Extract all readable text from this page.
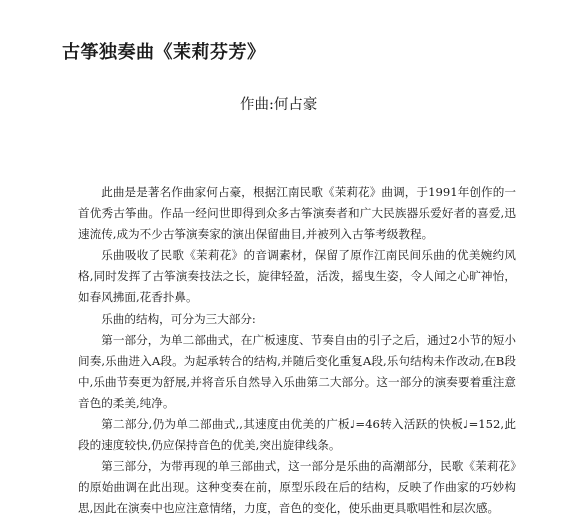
古筝独奏曲《茉莉芬芳》
作曲:何占豪

此曲是是著名作曲家何占豪，根据江南民歌《茉莉花》曲调，于1991年创作的一首优秀古筝曲。作品一经问世即得到众多古筝演奏者和广大民族器乐爱好者的喜爱,迅速流传,成为不少古筝演奏家的演出保留曲目,并被列入古筝考级教程。

乐曲吸收了民歌《茉莉花》的音调素材，保留了原作江南民间乐曲的优美婉约风格,同时发挥了古筝演奏技法之长，旋律轻盈，活泼，摇曳生姿，令人闻之心旷神怡，如春风拂面,花香扑鼻。

乐曲的结构，可分为三大部分:

第一部分，为单二部曲式，在广板速度、节奏自由的引子之后，通过2小节的短小间奏,乐曲进入A段。为起承转合的结构,并随后变化重复A段,乐句结构未作改动,在B段中,乐曲节奏更为舒展,并将音乐自然导入乐曲第二大部分。这一部分的演奏要着重注意音色的柔美,纯净。

第二部分,仍为单二部曲式,,其速度由优美的广板♩=46转入活跃的快板♩=152,此段的速度较快,仍应保持音色的优美,突出旋律线条。

第三部分，为带再现的单三部曲式，这一部分是乐曲的高潮部分，民歌《茉莉花》的原始曲调在此出现。这种变奏在前，原型乐段在后的结构，反映了作曲家的巧妙构思,因此在演奏中也应注意情绪，力度，音色的变化，使乐曲更具歌唱性和层次感。
